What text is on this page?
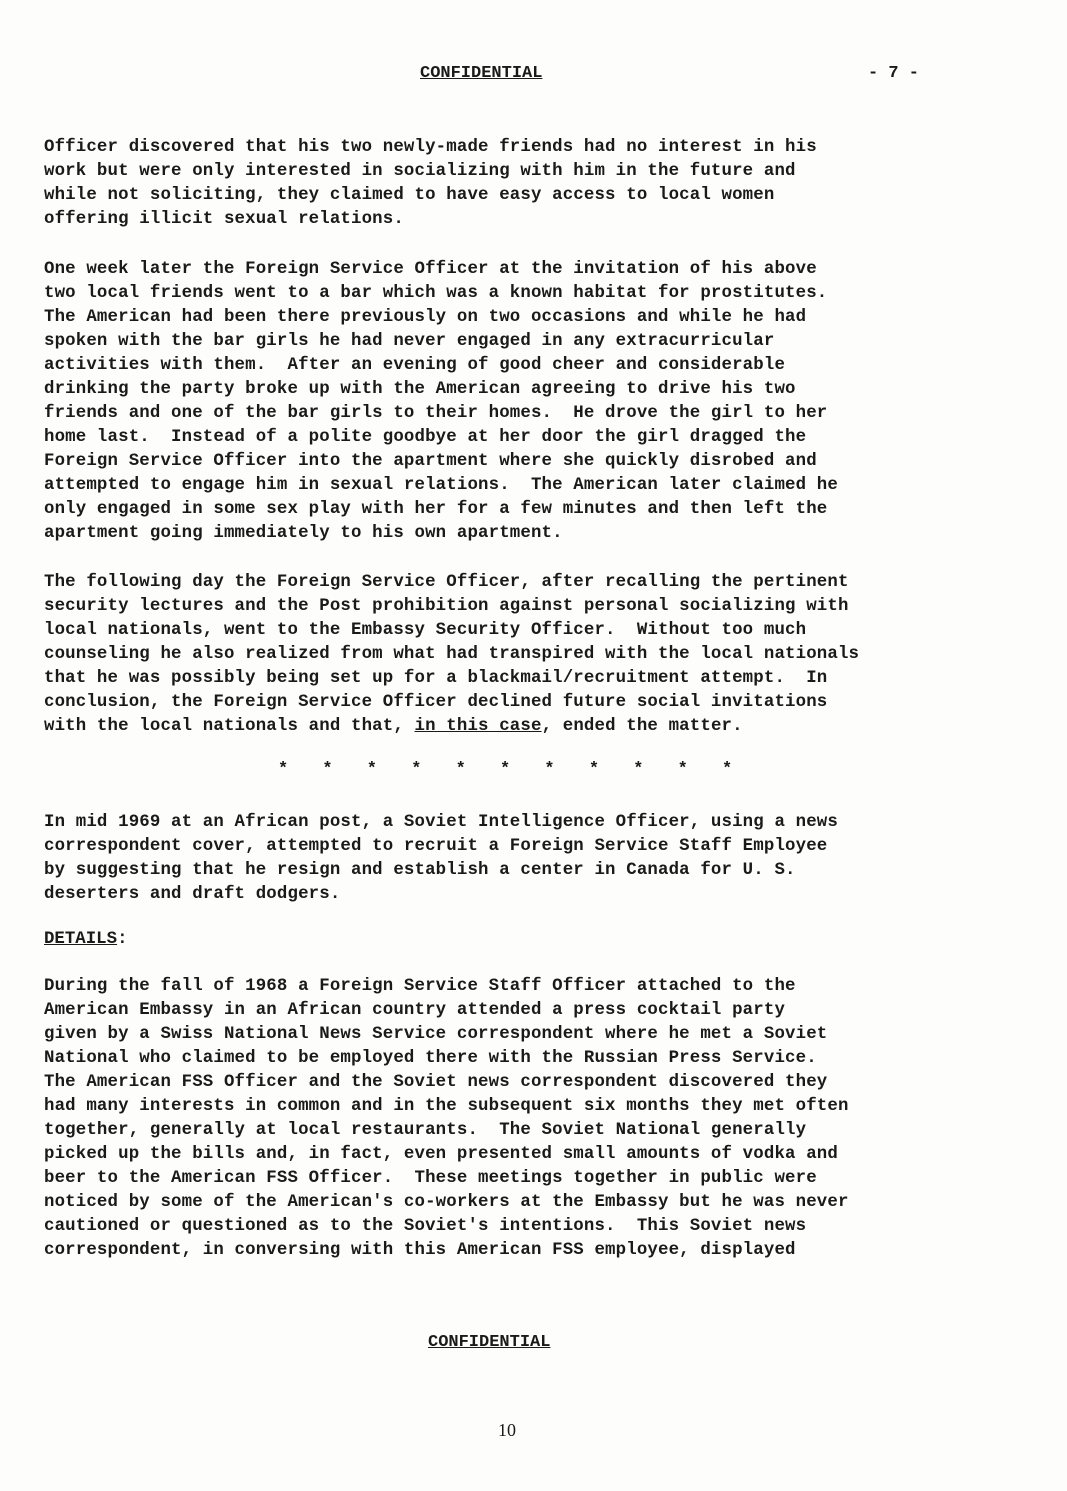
CONFIDENTIAL	- 7 -
Officer discovered that his two newly-made friends had no interest in his
work but were only interested in socializing with him in the future and
while not soliciting, they claimed to have easy access to local women
offering illicit sexual relations.
One week later the Foreign Service Officer at the invitation of his above
two local friends went to a bar which was a known habitat for prostitutes.
The American had been there previously on two occasions and while he had
spoken with the bar girls he had never engaged in any extracurricular
activities with them.  After an evening of good cheer and considerable
drinking the party broke up with the American agreeing to drive his two
friends and one of the bar girls to their homes.  He drove the girl to her
home last.  Instead of a polite goodbye at her door the girl dragged the
Foreign Service Officer into the apartment where she quickly disrobed and
attempted to engage him in sexual relations.  The American later claimed he
only engaged in some sex play with her for a few minutes and then left the
apartment going immediately to his own apartment.
The following day the Foreign Service Officer, after recalling the pertinent
security lectures and the Post prohibition against personal socializing with
local nationals, went to the Embassy Security Officer.  Without too much
counseling he also realized from what had transpired with the local nationals
that he was possibly being set up for a blackmail/recruitment attempt.  In
conclusion, the Foreign Service Officer declined future social invitations
with the local nationals and that, in this case, ended the matter.
* * * * * * * * * * *
In mid 1969 at an African post, a Soviet Intelligence Officer, using a news
correspondent cover, attempted to recruit a Foreign Service Staff Employee
by suggesting that he resign and establish a center in Canada for U. S.
deserters and draft dodgers.
DETAILS:
During the fall of 1968 a Foreign Service Staff Officer attached to the
American Embassy in an African country attended a press cocktail party
given by a Swiss National News Service correspondent where he met a Soviet
National who claimed to be employed there with the Russian Press Service.
The American FSS Officer and the Soviet news correspondent discovered they
had many interests in common and in the subsequent six months they met often
together, generally at local restaurants.  The Soviet National generally
picked up the bills and, in fact, even presented small amounts of vodka and
beer to the American FSS Officer.  These meetings together in public were
noticed by some of the American's co-workers at the Embassy but he was never
cautioned or questioned as to the Soviet's intentions.  This Soviet news
correspondent, in conversing with this American FSS employee, displayed
CONFIDENTIAL
10
